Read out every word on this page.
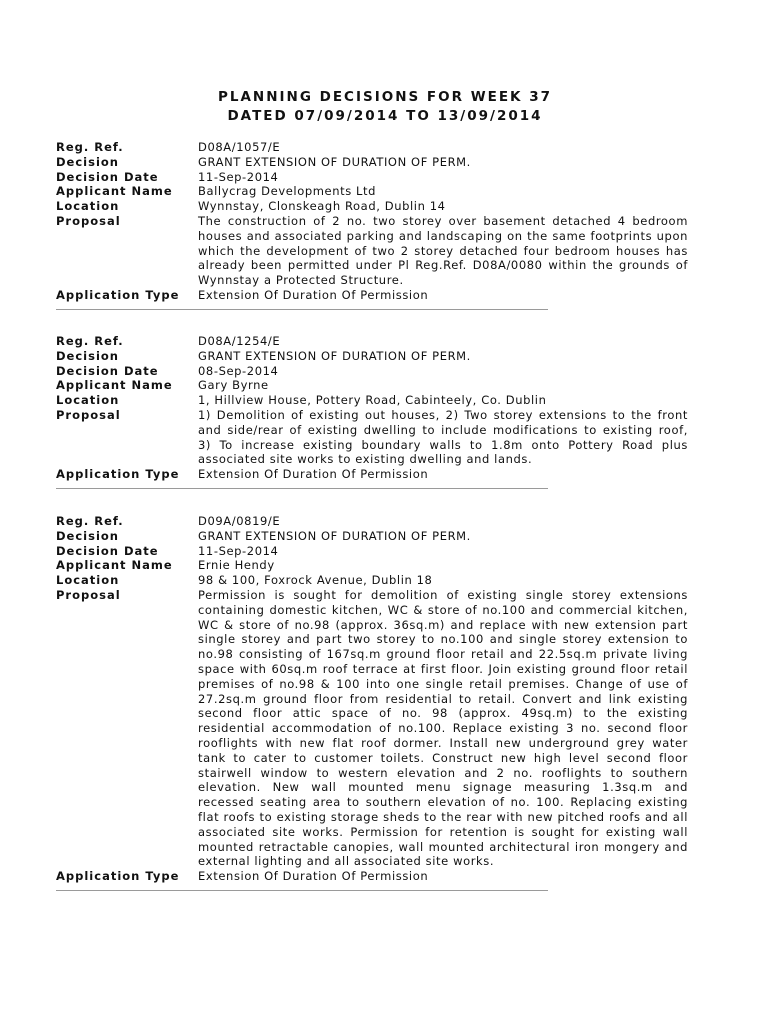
PLANNING DECISIONS FOR WEEK 37
DATED 07/09/2014 TO 13/09/2014
Reg. Ref.	D08A/1057/E
Decision	GRANT EXTENSION OF DURATION OF PERM.
Decision Date	11-Sep-2014
Applicant Name	Ballycrag Developments Ltd
Location	Wynnstay, Clonskeagh Road, Dublin 14
Proposal	The construction of 2 no. two storey over basement detached 4 bedroom houses and associated parking and landscaping on the same footprints upon which the development of two 2 storey detached four bedroom houses has already been permitted under Pl Reg.Ref. D08A/0080 within the grounds of Wynnstay a Protected Structure.
Application Type	Extension Of Duration Of Permission
Reg. Ref.	D08A/1254/E
Decision	GRANT EXTENSION OF DURATION OF PERM.
Decision Date	08-Sep-2014
Applicant Name	Gary Byrne
Location	1, Hillview House, Pottery Road, Cabinteely, Co. Dublin
Proposal	1) Demolition of existing out houses, 2) Two storey extensions to the front and side/rear of existing dwelling to include modifications to existing roof, 3) To increase existing boundary walls to 1.8m onto Pottery Road plus associated site works to existing dwelling and lands.
Application Type	Extension Of Duration Of Permission
Reg. Ref.	D09A/0819/E
Decision	GRANT EXTENSION OF DURATION OF PERM.
Decision Date	11-Sep-2014
Applicant Name	Ernie Hendy
Location	98 & 100, Foxrock Avenue, Dublin 18
Proposal	Permission is sought for demolition of existing single storey extensions containing domestic kitchen, WC & store of no.100 and commercial kitchen, WC & store of no.98 (approx. 36sq.m) and replace with new extension part single storey and part two storey to no.100 and single storey extension to no.98 consisting of 167sq.m ground floor retail and 22.5sq.m private living space with 60sq.m roof terrace at first floor. Join existing ground floor retail premises of no.98 & 100 into one single retail premises. Change of use of 27.2sq.m ground floor from residential to retail. Convert and link existing second floor attic space of no. 98 (approx. 49sq.m) to the existing residential accommodation of no.100. Replace existing 3 no. second floor rooflights with new flat roof dormer. Install new underground grey water tank to cater to customer toilets. Construct new high level second floor stairwell window to western elevation and 2 no. rooflights to southern elevation. New wall mounted menu signage measuring 1.3sq.m and recessed seating area to southern elevation of no. 100. Replacing existing flat roofs to existing storage sheds to the rear with new pitched roofs and all associated site works. Permission for retention is sought for existing wall mounted retractable canopies, wall mounted architectural iron mongery and external lighting and all associated site works.
Application Type	Extension Of Duration Of Permission
